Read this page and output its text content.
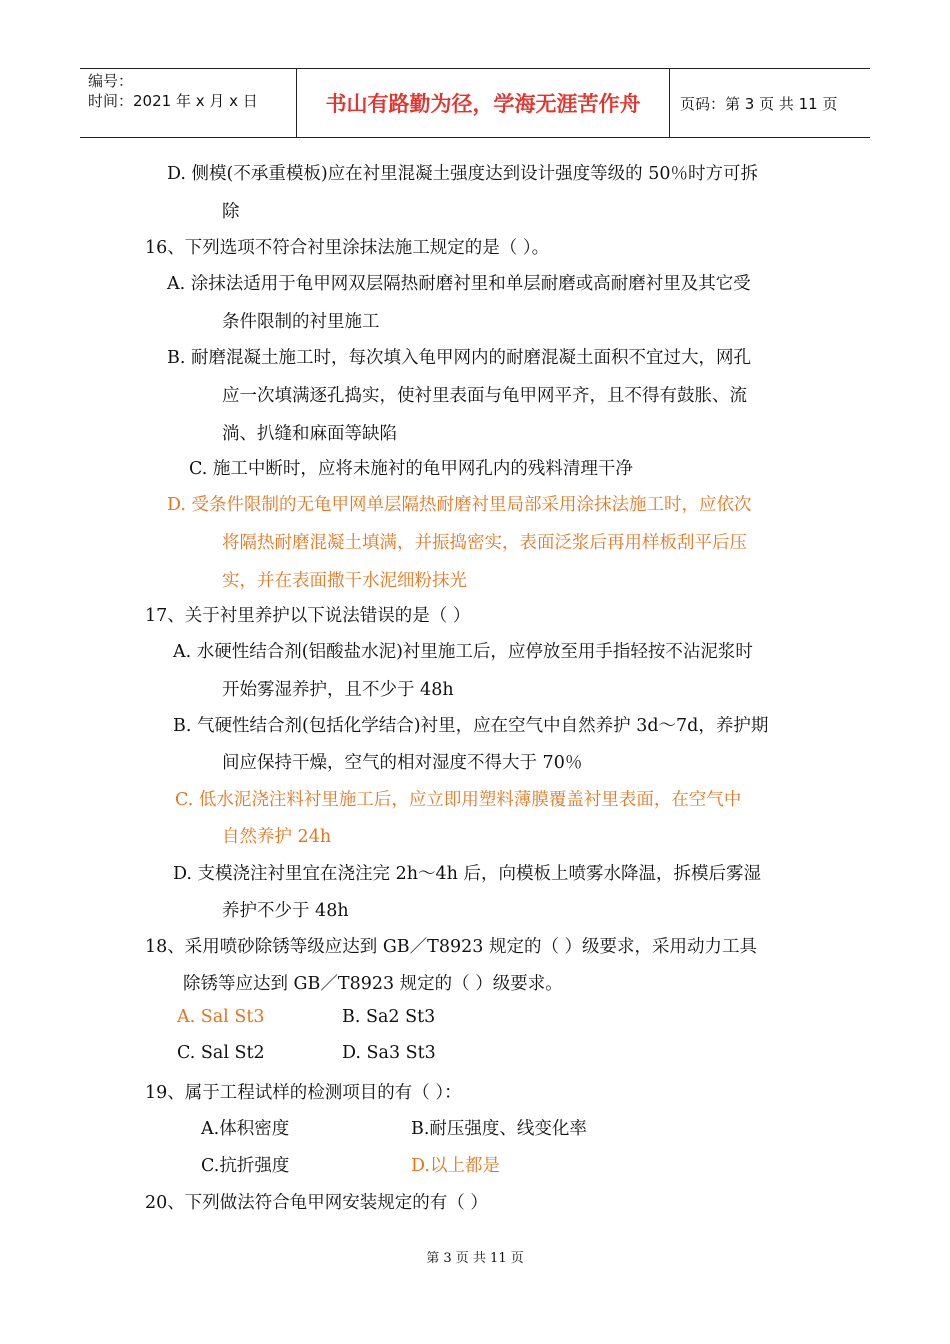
编号：
时间：2021 年 x 月 x 日	书山有路勤为径，学海无涯苦作舟	页码：第 3 页 共 11 页
D. 侧模(不承重模板)应在衬里混凝土强度达到设计强度等级的 50％时方可拆
除
16、下列选项不符合衬里涂抹法施工规定的是（ ）。
A. 涂抹法适用于龟甲网双层隔热耐磨衬里和单层耐磨或高耐磨衬里及其它受
条件限制的衬里施工
B. 耐磨混凝土施工时，每次填入龟甲网内的耐磨混凝土面积不宜过大，网孔
应一次填满逐孔捣实，使衬里表面与龟甲网平齐，且不得有鼓胀、流
淌、扒缝和麻面等缺陷
C. 施工中断时，应将未施衬的龟甲网孔内的残料清理干净
D. 受条件限制的无龟甲网单层隔热耐磨衬里局部采用涂抹法施工时，应依次
将隔热耐磨混凝土填满，并振捣密实，表面泛浆后再用样板刮平后压
实，并在表面撒干水泥细粉抹光
17、关于衬里养护以下说法错误的是（ ）
A. 水硬性结合剂(铝酸盐水泥)衬里施工后，应停放至用手指轻按不沾泥浆时
开始雾湿养护，且不少于 48h
B. 气硬性结合剂(包括化学结合)衬里，应在空气中自然养护 3d～7d，养护期
间应保持干燥，空气的相对湿度不得大于 70％
C. 低水泥浇注料衬里施工后，应立即用塑料薄膜覆盖衬里表面，在空气中
自然养护 24h
D. 支模浇注衬里宜在浇注完 2h～4h 后，向模板上喷雾水降温，拆模后雾湿
养护不少于 48h
18、采用喷砂除锈等级应达到 GB／T8923 规定的（ ）级要求，采用动力工具
除锈等应达到 GB／T8923 规定的（ ）级要求。
A. Sal St3	B. Sa2 St3
C. Sal St2	D. Sa3 St3
19、属于工程试样的检测项目的有（ ）：
A.体积密度	B.耐压强度、线变化率
C.抗折强度	D.以上都是
20、下列做法符合龟甲网安装规定的有（ ）
第 3 页 共 11 页
